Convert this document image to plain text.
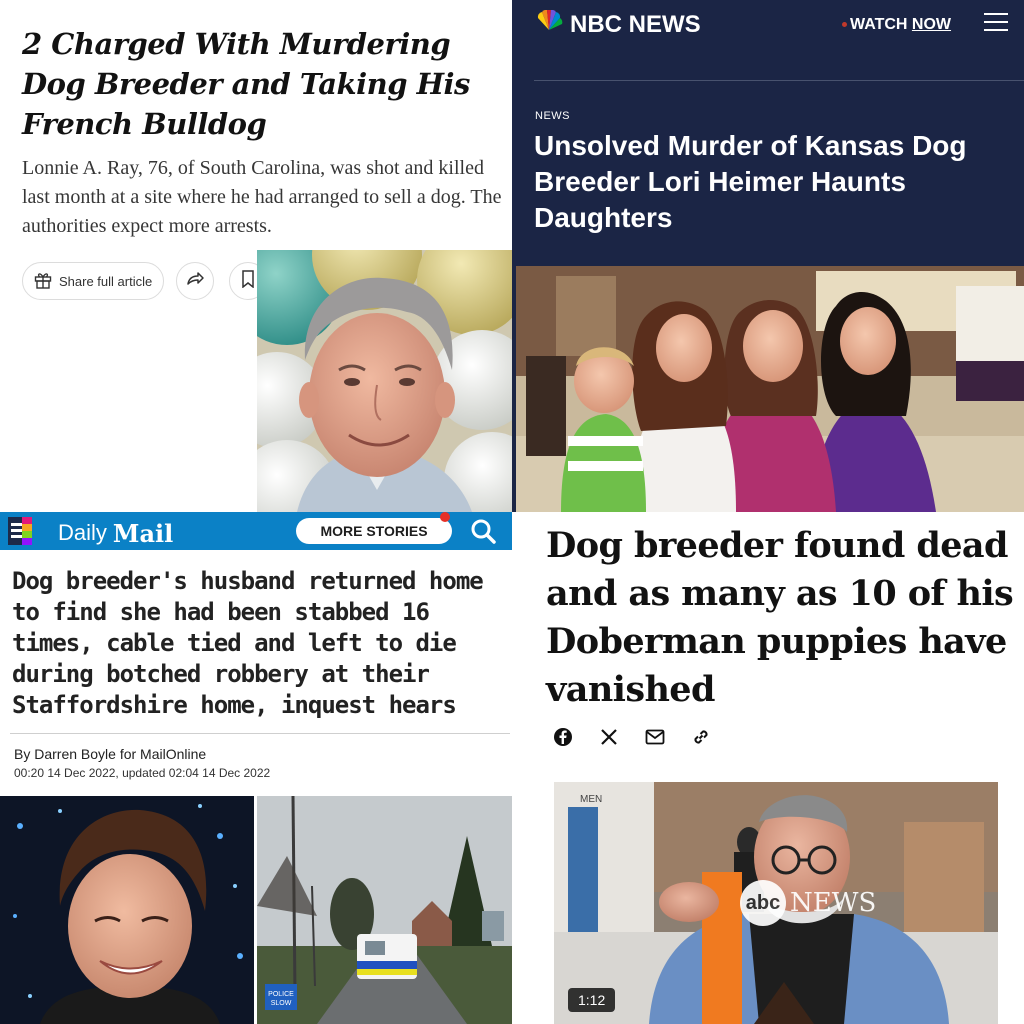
2 Charged With Murdering Dog Breeder and Taking His French Bulldog

Lonnie A. Ray, 76, of South Carolina, was shot and killed last month at a site where he had arranged to sell a dog. The authorities expect more arrests.

Share full article
NBC NEWS	WATCH NOW
NEWS
Unsolved Murder of Kansas Dog Breeder Lori Heimer Haunts Daughters
Daily Mail	MORE STORIES
Dog breeder's husband returned home to find she had been stabbed 16 times, cable tied and left to die during botched robbery at their Staffordshire home, inquest hears
By Darren Boyle for MailOnline
00:20 14 Dec 2022, updated 02:04 14 Dec 2022
POLICE
SLOW
Dog breeder found dead and as many as 10 of his Doberman puppies have vanished
MEN
abc NEWS
1:12
